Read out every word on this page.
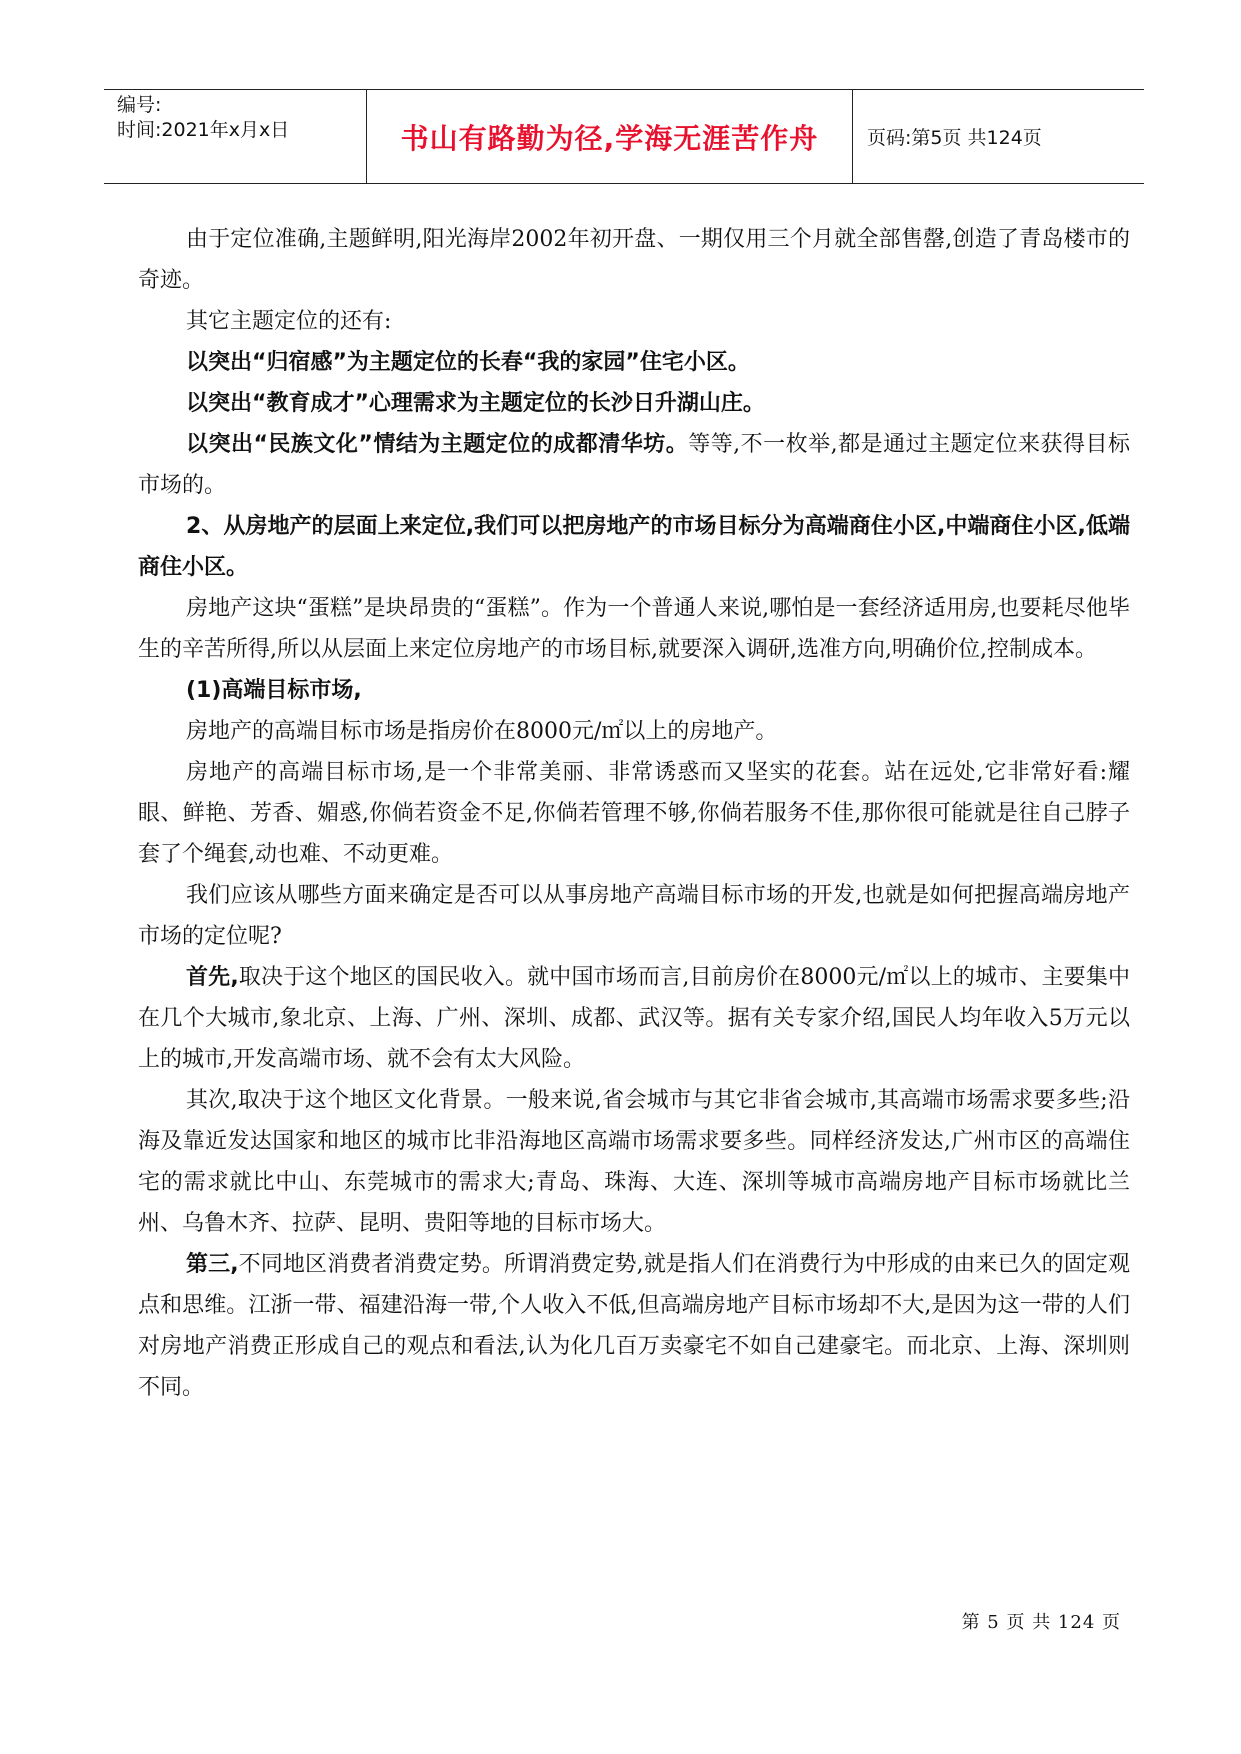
编号:
时间:2021年x月x日	书山有路勤为径,学海无涯苦作舟	页码:第5页 共124页

由于定位准确,主题鲜明,阳光海岸2002年初开盘、一期仅用三个月就全部售罄,创造了青岛楼市的奇迹。

其它主题定位的还有:

以突出“归宿感”为主题定位的长春“我的家园”住宅小区。

以突出“教育成才”心理需求为主题定位的长沙日升湖山庄。

以突出“民族文化”情结为主题定位的成都清华坊。等等,不一枚举,都是通过主题定位来获得目标市场的。

2、从房地产的层面上来定位,我们可以把房地产的市场目标分为高端商住小区,中端商住小区,低端商住小区。

房地产这块“蛋糕”是块昂贵的“蛋糕”。作为一个普通人来说,哪怕是一套经济适用房,也要耗尽他毕生的辛苦所得,所以从层面上来定位房地产的市场目标,就要深入调研,选准方向,明确价位,控制成本。

(1)高端目标市场,

房地产的高端目标市场是指房价在8000元/㎡以上的房地产。

房地产的高端目标市场,是一个非常美丽、非常诱惑而又坚实的花套。站在远处,它非常好看:耀眼、鲜艳、芳香、媚惑,你倘若资金不足,你倘若管理不够,你倘若服务不佳,那你很可能就是往自己脖子套了个绳套,动也难、不动更难。

我们应该从哪些方面来确定是否可以从事房地产高端目标市场的开发,也就是如何把握高端房地产市场的定位呢?

首先,取决于这个地区的国民收入。就中国市场而言,目前房价在8000元/㎡以上的城市、主要集中在几个大城市,象北京、上海、广州、深圳、成都、武汉等。据有关专家介绍,国民人均年收入5万元以上的城市,开发高端市场、就不会有太大风险。

其次,取决于这个地区文化背景。一般来说,省会城市与其它非省会城市,其高端市场需求要多些;沿海及靠近发达国家和地区的城市比非沿海地区高端市场需求要多些。同样经济发达,广州市区的高端住宅的需求就比中山、东莞城市的需求大;青岛、珠海、大连、深圳等城市高端房地产目标市场就比兰州、乌鲁木齐、拉萨、昆明、贵阳等地的目标市场大。

第三,不同地区消费者消费定势。所谓消费定势,就是指人们在消费行为中形成的由来已久的固定观点和思维。江浙一带、福建沿海一带,个人收入不低,但高端房地产目标市场却不大,是因为这一带的人们对房地产消费正形成自己的观点和看法,认为化几百万卖豪宅不如自己建豪宅。而北京、上海、深圳则不同。

第 5 页 共 124 页
